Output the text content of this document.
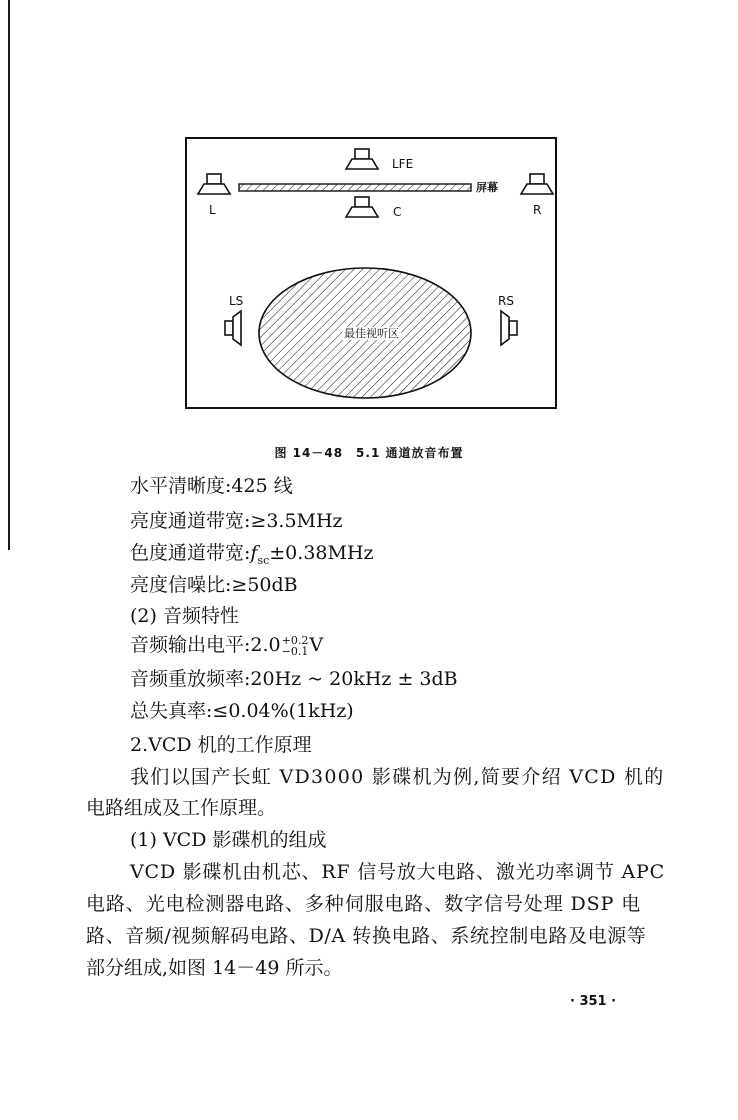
LFE
屏幕
L	C	R
LS	RS
最佳视听区
图 14－48　5.1 通道放音布置
水平清晰度:425 线
亮度通道带宽:≥3.5MHz
色度通道带宽$:f_{sc}\pm 0.38MHz$
亮度信噪比:≥50dB
(2) 音频特性
音频输出电平:2.0 +0.2
−0.1 V
音频重放频率:20Hz ~ 20kHz ± 3dB
总失真率:≤0.04%(1kHz)
2.VCD 机的工作原理
我们以国产长虹 VD3000 影碟机为例,简要介绍 VCD 机的
电路组成及工作原理。
(1) VCD 影碟机的组成
VCD 影碟机由机芯、RF 信号放大电路、激光功率调节 APC
电路、光电检测器电路、多种伺服电路、数字信号处理 DSP 电
路、音频/视频解码电路、D/A 转换电路、系统控制电路及电源等
部分组成,如图 14－49 所示。
· 351 ·
